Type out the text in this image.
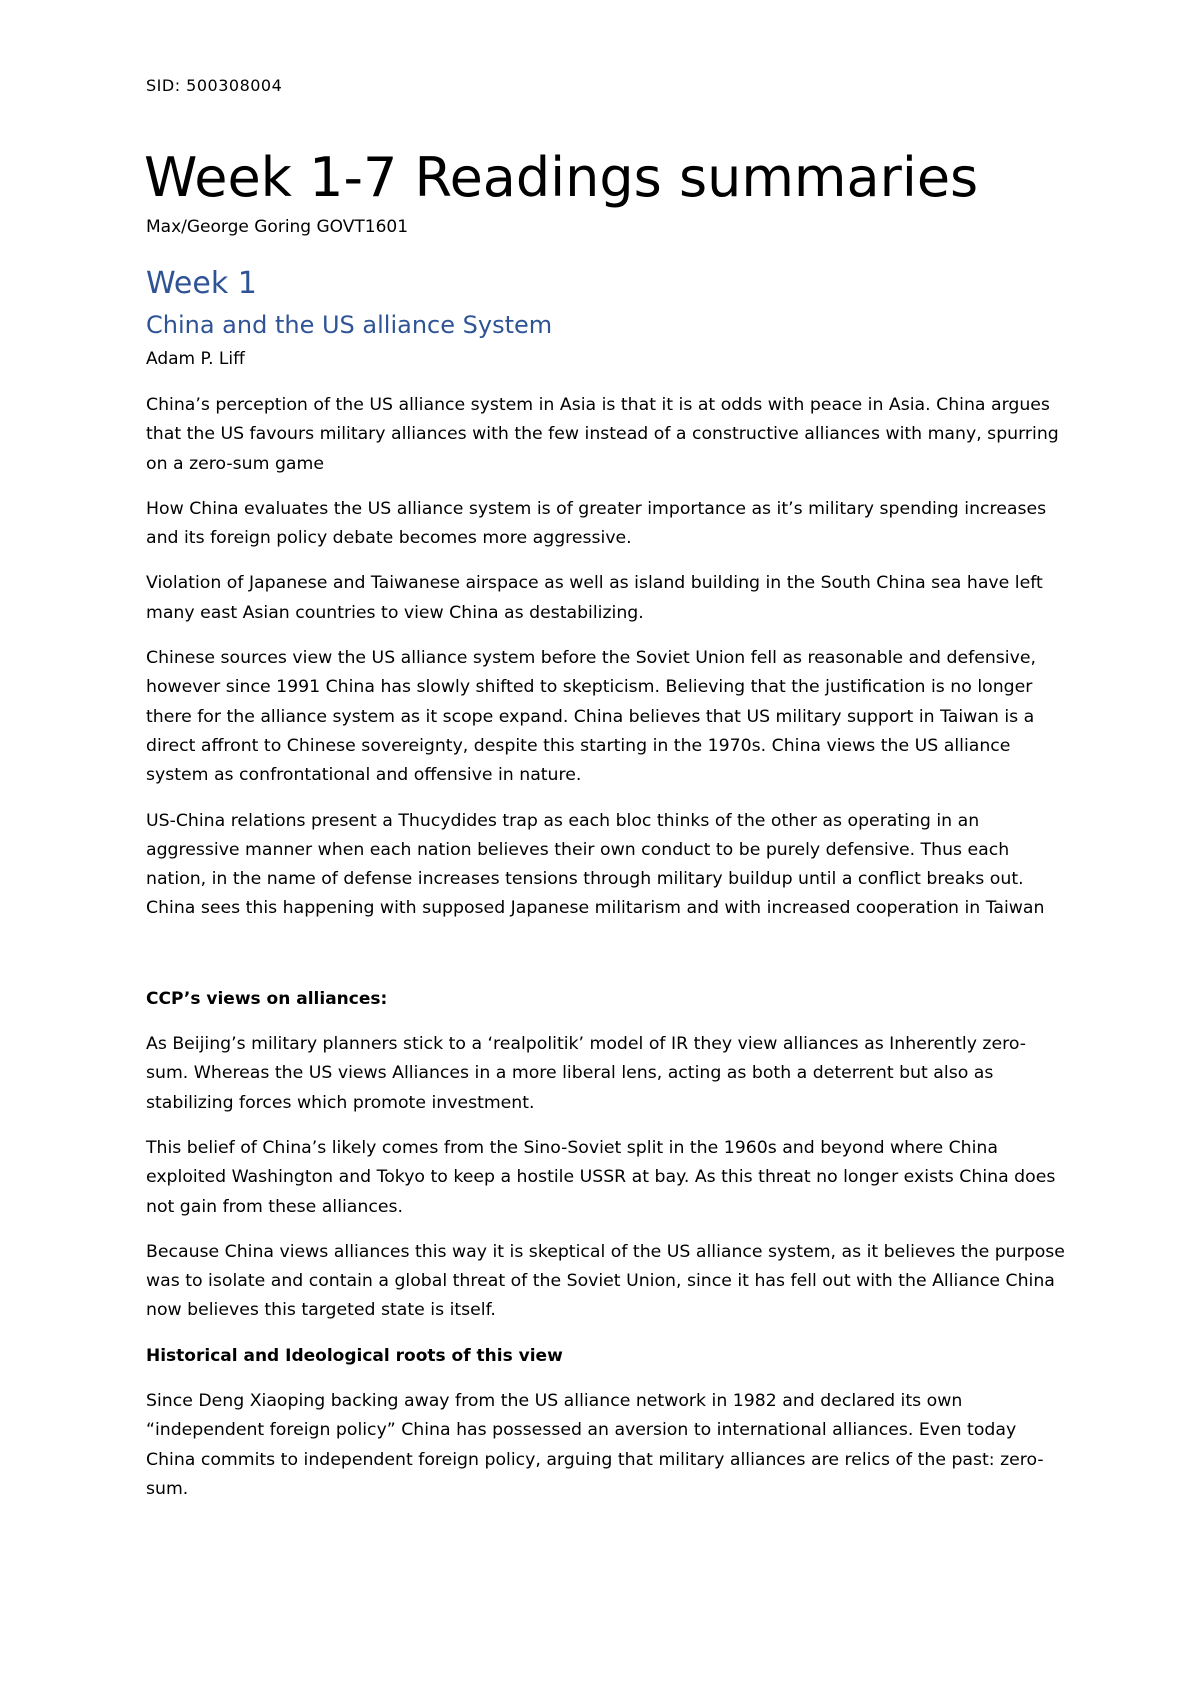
SID: 500308004
Week 1-7 Readings summaries
Max/George Goring GOVT1601
Week 1
China and the US alliance System
Adam P. Liff

China’s perception of the US alliance system in Asia is that it is at odds with peace in Asia. China argues that the US favours military alliances with the few instead of a constructive alliances with many, spurring on a zero-sum game

How China evaluates the US alliance system is of greater importance as it’s military spending increases and its foreign policy debate becomes more aggressive.

Violation of Japanese and Taiwanese airspace as well as island building in the South China sea have left many east Asian countries to view China as destabilizing.

Chinese sources view the US alliance system before the Soviet Union fell as reasonable and defensive, however since 1991 China has slowly shifted to skepticism. Believing that the justification is no longer there for the alliance system as it scope expand. China believes that US military support in Taiwan is a direct affront to Chinese sovereignty, despite this starting in the 1970s. China views the US alliance system as confrontational and offensive in nature.

US-China relations present a Thucydides trap as each bloc thinks of the other as operating in an aggressive manner when each nation believes their own conduct to be purely defensive. Thus each nation, in the name of defense increases tensions through military buildup until a conflict breaks out. China sees this happening with supposed Japanese militarism and with increased cooperation in Taiwan

CCP’s views on alliances:

As Beijing’s military planners stick to a ‘realpolitik’ model of IR they view alliances as Inherently zero-sum. Whereas the US views Alliances in a more liberal lens, acting as both a deterrent but also as stabilizing forces which promote investment.

This belief of China’s likely comes from the Sino-Soviet split in the 1960s and beyond where China exploited Washington and Tokyo to keep a hostile USSR at bay. As this threat no longer exists China does not gain from these alliances.

Because China views alliances this way it is skeptical of the US alliance system, as it believes the purpose was to isolate and contain a global threat of the Soviet Union, since it has fell out with the Alliance China now believes this targeted state is itself.

Historical and Ideological roots of this view

Since Deng Xiaoping backing away from the US alliance network in 1982 and declared its own “independent foreign policy” China has possessed an aversion to international alliances. Even today China commits to independent foreign policy, arguing that military alliances are relics of the past: zero-sum.
